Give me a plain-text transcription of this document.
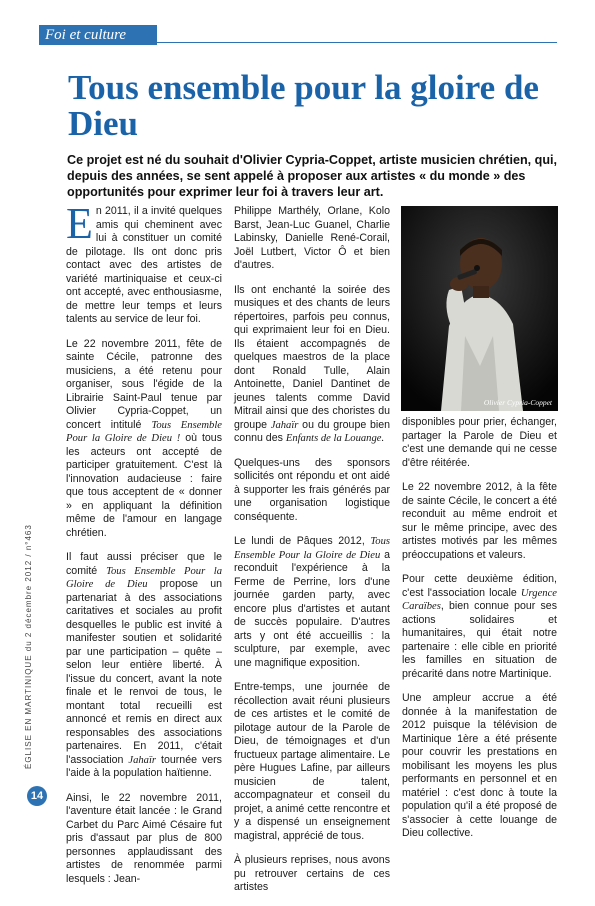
Foi et culture
Tous ensemble pour la gloire de Dieu

Ce projet est né du souhait d'Olivier Cypria-Coppet, artiste musicien chrétien, qui, depuis des années, se sent appelé à proposer aux artistes « du monde » des opportunités pour exprimer leur foi à travers leur art.

En 2011, il a invité quelques amis qui cheminent avec lui à constituer un comité de pilotage. Ils ont donc pris contact avec des artistes de variété martiniquaise et ceux-ci ont accepté, avec enthousiasme, de mettre leur temps et leurs talents au service de leur foi.

Le 22 novembre 2011, fête de sainte Cécile, patronne des musiciens, a été retenu pour organiser, sous l'égide de la Librairie Saint-Paul tenue par Olivier Cypria-Coppet, un concert intitulé Tous Ensemble Pour la Gloire de Dieu ! où tous les acteurs ont accepté de participer gratuitement. C'est là l'innovation audacieuse : faire que tous acceptent de « donner » en appliquant la définition même de l'amour en langage chrétien.

Il faut aussi préciser que le comité Tous Ensemble Pour la Gloire de Dieu propose un partenariat à des associations caritatives et sociales au profit desquelles le public est invité à manifester soutien et solidarité par une participation – quête – selon leur entière liberté. À l'issue du concert, avant la note finale et le renvoi de tous, le montant total recueilli est annoncé et remis en direct aux responsables des associations partenaires. En 2011, c'était l'association Jahaïr tournée vers l'aide à la population haïtienne.

Ainsi, le 22 novembre 2011, l'aventure était lancée : le Grand Carbet du Parc Aimé Césaire fut pris d'assaut par plus de 800 personnes applaudissant des artistes de renommée parmi lesquels : Jean-

Philippe Marthély, Orlane, Kolo Barst, Jean-Luc Guanel, Charlie Labinsky, Danielle René-Corail, Joël Lutbert, Victor Ô et bien d'autres.

Ils ont enchanté la soirée des musiques et des chants de leurs répertoires, parfois peu connus, qui exprimaient leur foi en Dieu. Ils étaient accompagnés de quelques maestros de la place dont Ronald Tulle, Alain Antoinette, Daniel Dantinet de jeunes talents comme David Mitrail ainsi que des choristes du groupe Jahaïr ou du groupe bien connu des Enfants de la Louange.

Quelques-uns des sponsors sollicités ont répondu et ont aidé à supporter les frais générés par une organisation logistique conséquente.

Le lundi de Pâques 2012, Tous Ensemble Pour la Gloire de Dieu a reconduit l'expérience à la Ferme de Perrine, lors d'une journée garden party, avec encore plus d'artistes et autant de succès populaire. D'autres arts y ont été accueillis : la sculpture, par exemple, avec une magnifique exposition.

Entre-temps, une journée de récollection avait réuni plusieurs de ces artistes et le comité de pilotage autour de la Parole de Dieu, de témoignages et d'un fructueux partage alimentaire. Le père Hugues Lafine, par ailleurs musicien de talent, accompagnateur et conseil du projet, a animé cette rencontre et y a dispensé un enseignement magistral, apprécié de tous.

À plusieurs reprises, nous avons pu retrouver certains de ces artistes

Olivier Cypria-Coppet

disponibles pour prier, échanger, partager la Parole de Dieu et c'est une demande qui ne cesse d'être réitérée.

Le 22 novembre 2012, à la fête de sainte Cécile, le concert a été reconduit au même endroit et sur le même principe, avec des artistes motivés par les mêmes préoccupations et valeurs.

Pour cette deuxième édition, c'est l'association locale Urgence Caraïbes, bien connue pour ses actions solidaires et humanitaires, qui était notre partenaire : elle cible en priorité les familles en situation de précarité dans notre Martinique.

Une ampleur accrue a été donnée à la manifestation de 2012 puisque la télévision de Martinique 1ère a été présente pour couvrir les prestations en mobilisant les moyens les plus performants en personnel et en matériel : c'est donc à toute la population qu'il a été proposé de s'associer à cette louange de Dieu collective.

ÉGLISE EN MARTINIQUE du 2 décembre 2012 / n°463
14
